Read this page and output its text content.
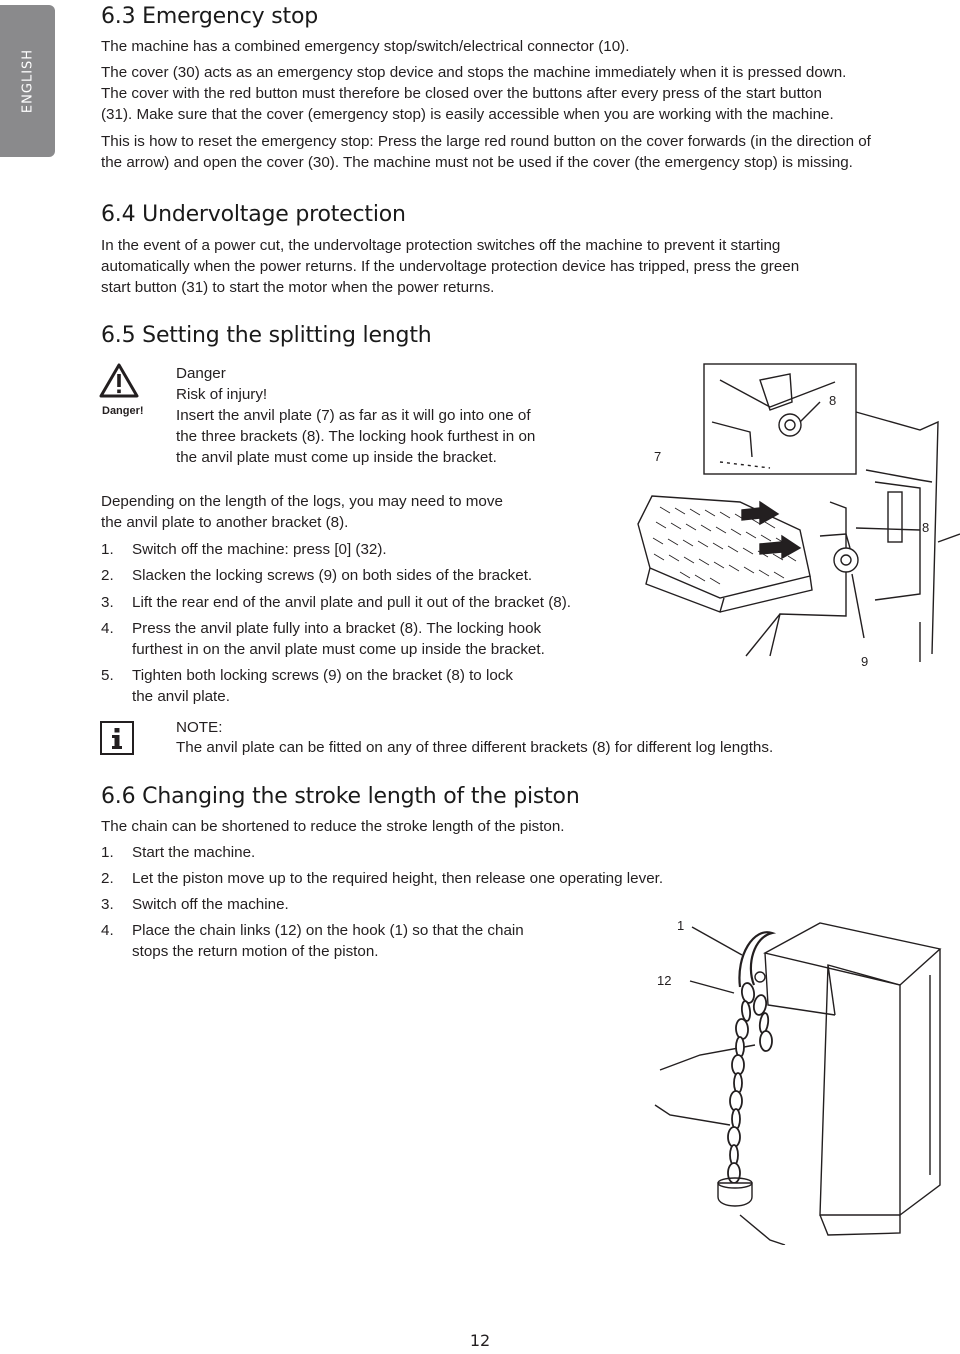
ENGLISH
6.3 Emergency stop

The machine has a combined emergency stop/switch/electrical connector (10).

The cover (30) acts as an emergency stop device and stops the machine immediately when it is pressed down.

The cover with the red button must therefore be closed over the buttons after every press of the start button

(31). Make sure that the cover (emergency stop) is easily accessible when you are working with the machine.

This is how to reset the emergency stop: Press the large red round button on the cover forwards (in the direction of

the arrow) and open the cover (30). The machine must not be used if the cover (the emergency stop) is missing.

6.4 Undervoltage protection

In the event of a power cut, the undervoltage protection switches off the machine to prevent it starting

automatically when the power returns. If the undervoltage protection device has tripped, press the green

start button (31) to start the motor when the power returns.

6.5 Setting the splitting length
Danger!
Danger
Risk of injury!
Insert the anvil plate (7) as far as it will go into one of
the three brackets (8). The locking hook furthest in on
the anvil plate must come up inside the bracket.

Depending on the length of the logs, you may need to move

the anvil plate to another bracket (8).

1. Switch off the machine: press [0] (32).
2. Slacken the locking screws (9) on both sides of the bracket.
3. Lift the rear end of the anvil plate and pull it out of the bracket (8).
4. Press the anvil plate fully into a bracket (8). The locking hook
furthest in on the anvil plate must come up inside the bracket.
5. Tighten both locking screws (9) on the bracket (8) to lock
the anvil plate.
NOTE:
The anvil plate can be fitted on any of three different brackets (8) for different log lengths.
8
7
8
9
6.6 Changing the stroke length of the piston

The chain can be shortened to reduce the stroke length of the piston.

1. Start the machine.
2. Let the piston move up to the required height, then release one operating lever.
3. Switch off the machine.
4. Place the chain links (12) on the hook (1) so that the chain
stops the return motion of the piston.
1
12
12
